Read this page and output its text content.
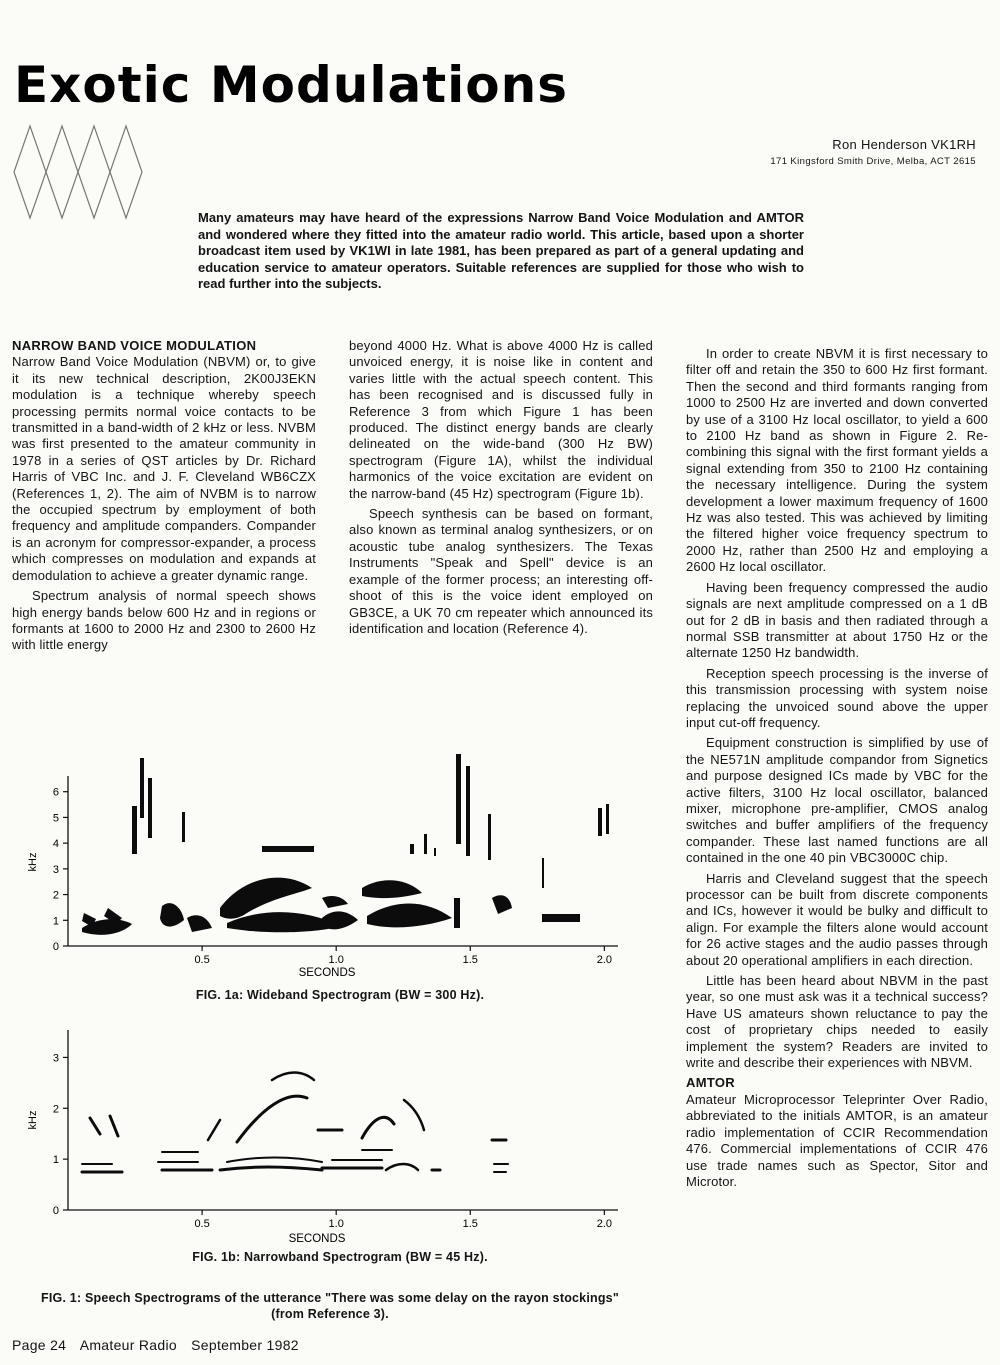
Exotic Modulations
Ron Henderson VK1RH
171 Kingsford Smith Drive, Melba, ACT 2615

Many amateurs may have heard of the expressions Narrow Band Voice Modulation and AMTOR and wondered where they fitted into the amateur radio world. This article, based upon a shorter broadcast item used by VK1WI in late 1981, has been prepared as part of a general updating and education service to amateur operators. Suitable references are supplied for those who wish to read further into the subjects.

NARROW BAND VOICE MODULATION

Narrow Band Voice Modulation (NBVM) or, to give it its new technical description, 2K00J3EKN modulation is a technique whereby speech processing permits normal voice contacts to be transmitted in a band-width of 2 kHz or less. NVBM was first presented to the amateur community in 1978 in a series of QST articles by Dr. Richard Harris of VBC Inc. and J. F. Cleveland WB6CZX (References 1, 2). The aim of NVBM is to narrow the occupied spectrum by employment of both frequency and amplitude companders. Compander is an acronym for compressor-expander, a process which compresses on modulation and expands at demodulation to achieve a greater dynamic range.

Spectrum analysis of normal speech shows high energy bands below 600 Hz and in regions or formants at 1600 to 2000 Hz and 2300 to 2600 Hz with little energy

beyond 4000 Hz. What is above 4000 Hz is called unvoiced energy, it is noise like in content and varies little with the actual speech content. This has been recognised and is discussed fully in Reference 3 from which Figure 1 has been produced. The distinct energy bands are clearly delineated on the wide-band (300 Hz BW) spectrogram (Figure 1A), whilst the individual harmonics of the voice excitation are evident on the narrow-band (45 Hz) spectrogram (Figure 1b).

Speech synthesis can be based on formant, also known as terminal analog synthesizers, or on acoustic tube analog synthesizers. The Texas Instruments "Speak and Spell" device is an example of the former process; an interesting off-shoot of this is the voice ident employed on GB3CE, a UK 70 cm repeater which announced its identification and location (Reference 4).

In order to create NBVM it is first necessary to filter off and retain the 350 to 600 Hz first formant. Then the second and third formants ranging from 1000 to 2500 Hz are inverted and down converted by use of a 3100 Hz local oscillator, to yield a 600 to 2100 Hz band as shown in Figure 2. Re-combining this signal with the first formant yields a signal extending from 350 to 2100 Hz containing the necessary intelligence. During the system development a lower maximum frequency of 1600 Hz was also tested. This was achieved by limiting the filtered higher voice frequency spectrum to 2000 Hz, rather than 2500 Hz and employing a 2600 Hz local oscillator.

Having been frequency compressed the audio signals are next amplitude compressed on a 1 dB out for 2 dB in basis and then radiated through a normal SSB transmitter at about 1750 Hz or the alternate 1250 Hz bandwidth.

Reception speech processing is the inverse of this transmission processing with system noise replacing the unvoiced sound above the upper input cut-off frequency.

Equipment construction is simplified by use of the NE571N amplitude compandor from Signetics and purpose designed ICs made by VBC for the active filters, 3100 Hz local oscillator, balanced mixer, microphone pre-amplifier, CMOS analog switches and buffer amplifiers of the frequency compander. These last named functions are all contained in the one 40 pin VBC3000C chip.

Harris and Cleveland suggest that the speech processor can be built from discrete components and ICs, however it would be bulky and difficult to align. For example the filters alone would account for 26 active stages and the audio passes through about 20 operational amplifiers in each direction.

Little has been heard about NBVM in the past year, so one must ask was it a technical success? Have US amateurs shown reluctance to pay the cost of proprietary chips needed to easily implement the system? Readers are invited to write and describe their experiences with NBVM.

AMTOR

Amateur Microprocessor Teleprinter Over Radio, abbreviated to the initials AMTOR, is an amateur radio implementation of CCIR Recommendation 476. Commercial implementations of CCIR 476 use trade names such as Spector, Sitor and Microtor.

0
1
2
3
4
5
6
kHz
0.5	1.0	1.5	2.0
SECONDS
FIG. 1a: Wideband Spectrogram (BW = 300 Hz).
0
1
2
3
kHz
0.5	1.0	1.5	2.0
SECONDS
FIG. 1b: Narrowband Spectrogram (BW = 45 Hz).
FIG. 1: Speech Spectrograms of the utterance "There was some delay on the rayon stockings" (from Reference 3).
Page 24 Amateur Radio September 1982
